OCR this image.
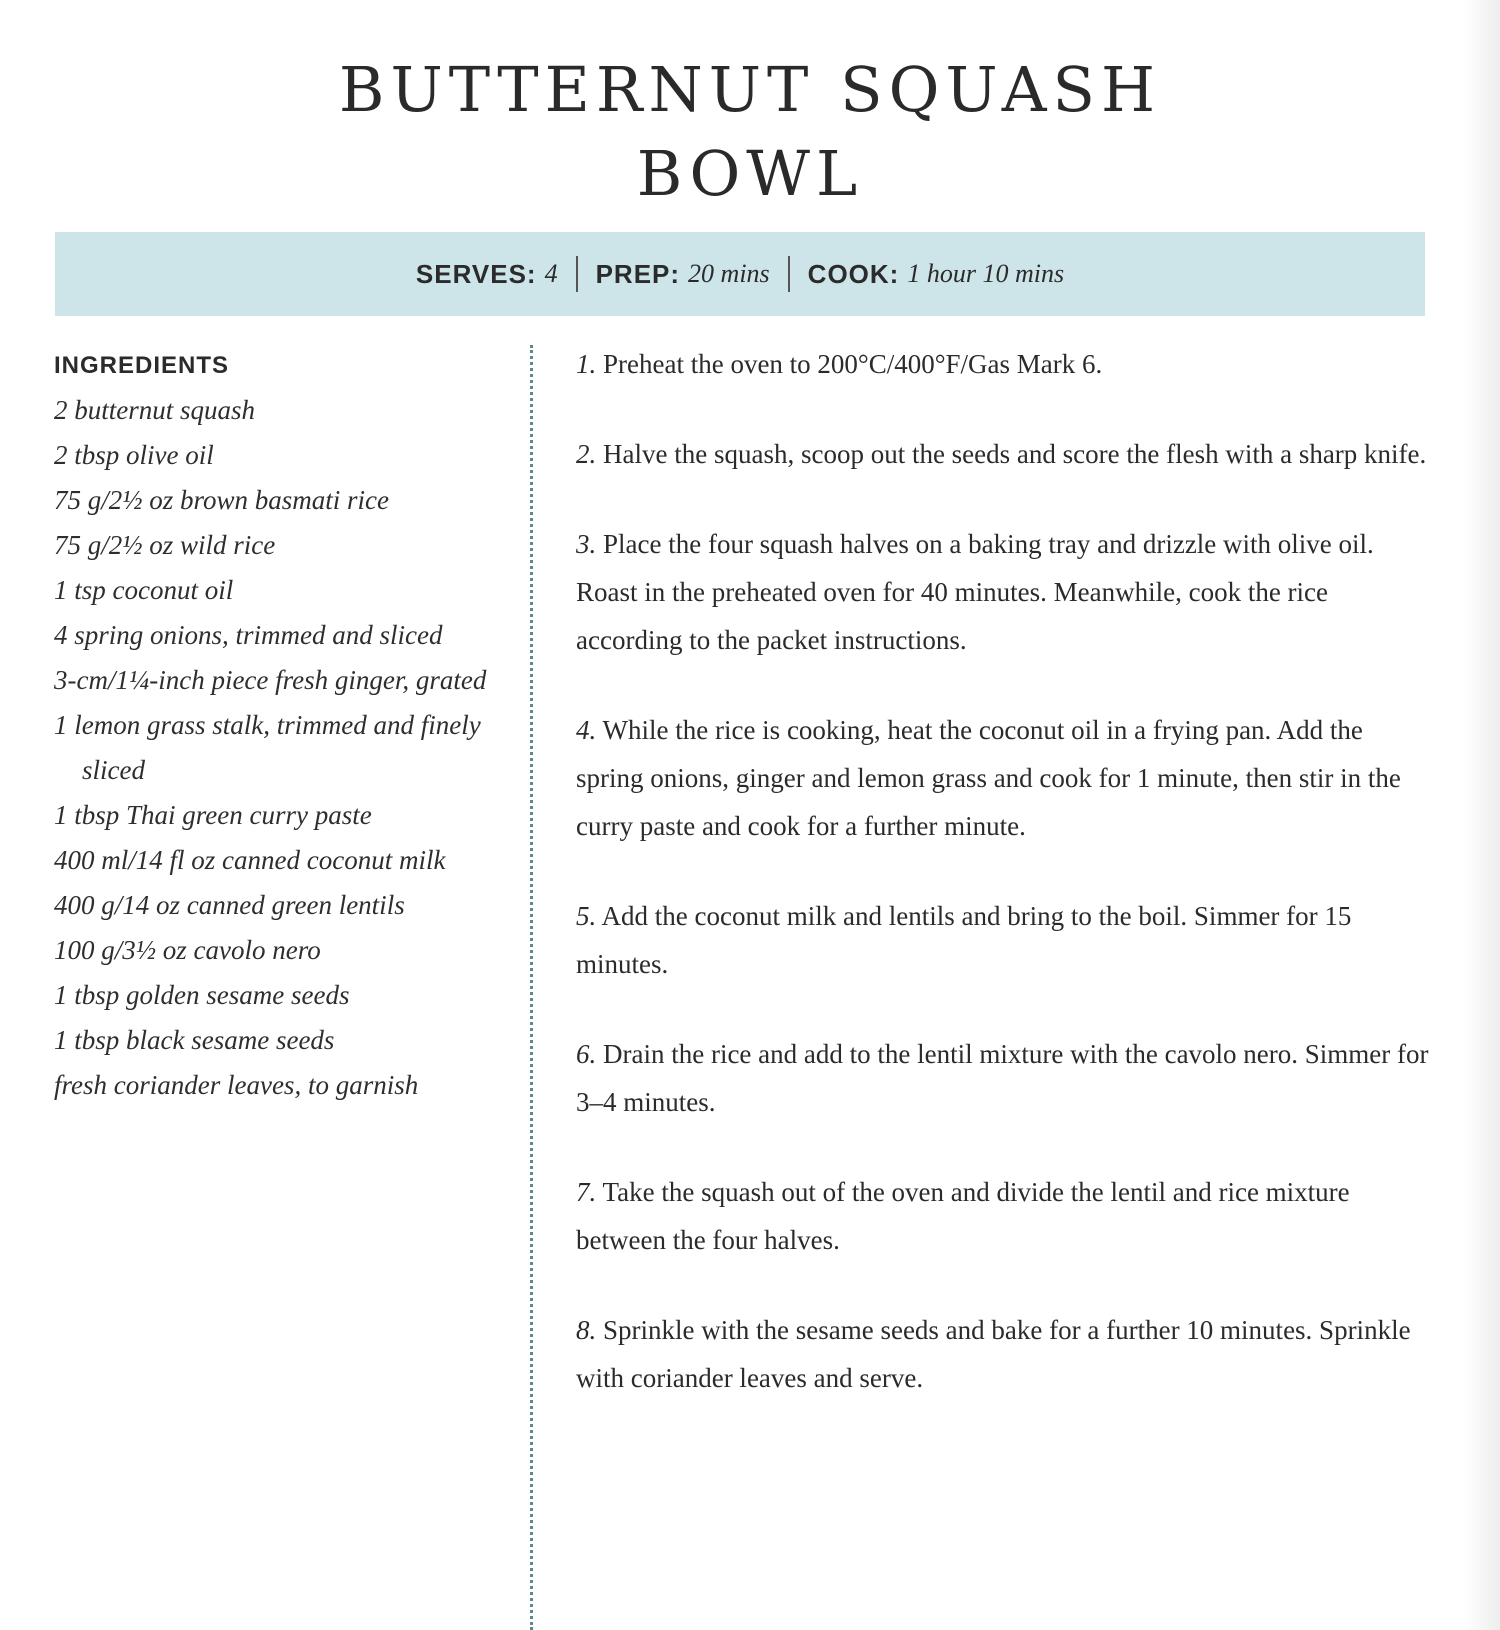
BUTTERNUT SQUASH
BOWL
SERVES: 4 PREP: 20 mins COOK: 1 hour 10 mins
INGREDIENTS
2 butternut squash
2 tbsp olive oil
75 g/2½ oz brown basmati rice
75 g/2½ oz wild rice
1 tsp coconut oil
4 spring onions, trimmed and sliced
3-cm/1¼-inch piece fresh ginger, grated
1 lemon grass stalk, trimmed and finely sliced
1 tbsp Thai green curry paste
400 ml/14 fl oz canned coconut milk
400 g/14 oz canned green lentils
100 g/3½ oz cavolo nero
1 tbsp golden sesame seeds
1 tbsp black sesame seeds
fresh coriander leaves, to garnish

1. Preheat the oven to 200°C/400°F/Gas Mark 6.

2. Halve the squash, scoop out the seeds and score the flesh with a sharp knife.

3. Place the four squash halves on a baking tray and drizzle with olive oil. Roast in the preheated oven for 40 minutes. Meanwhile, cook the rice according to the packet instructions.

4. While the rice is cooking, heat the coconut oil in a frying pan. Add the spring onions, ginger and lemon grass and cook for 1 minute, then stir in the curry paste and cook for a further minute.

5. Add the coconut milk and lentils and bring to the boil. Simmer for 15 minutes.

6. Drain the rice and add to the lentil mixture with the cavolo nero. Simmer for 3–4 minutes.

7. Take the squash out of the oven and divide the lentil and rice mixture between the four halves.

8. Sprinkle with the sesame seeds and bake for a further 10 minutes. Sprinkle with coriander leaves and serve.
